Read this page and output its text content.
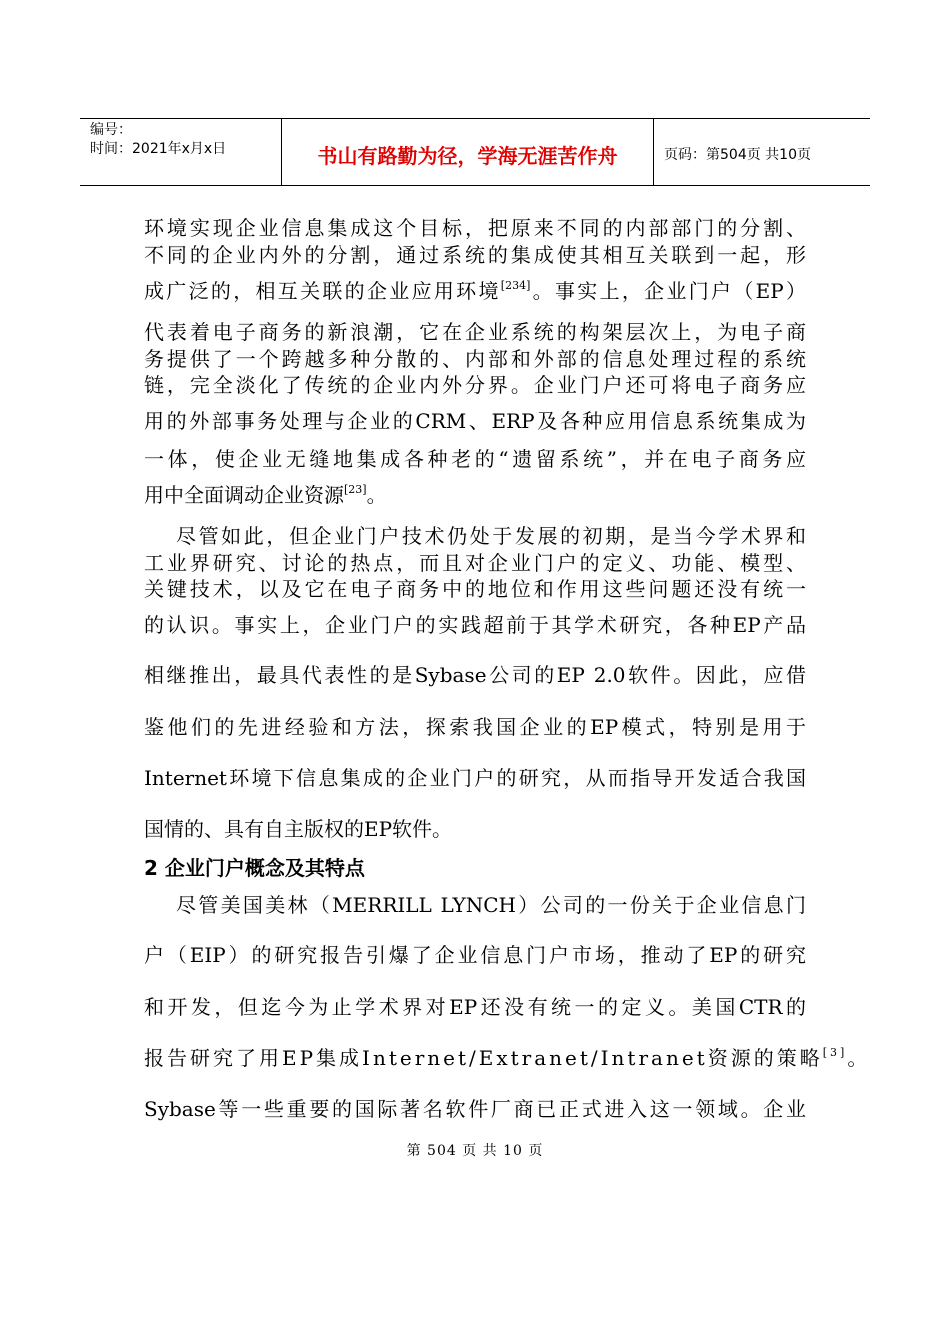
编号：
时间：2021年x月x日	书山有路勤为径，学海无涯苦作舟	页码：第504页 共10页
环境实现企业信息集成这个目标，把原来不同的内部部门的分割、
不同的企业内外的分割，通过系统的集成使其相互关联到一起，形
成广泛的，相互关联的企业应用环境[234]。事实上，企业门户（EP）
代表着电子商务的新浪潮，它在企业系统的构架层次上，为电子商
务提供了一个跨越多种分散的、内部和外部的信息处理过程的系统
链，完全淡化了传统的企业内外分界。企业门户还可将电子商务应
用的外部事务处理与企业的CRM、ERP及各种应用信息系统集成为
一体，使企业无缝地集成各种老的“遗留系统”，并在电子商务应
用中全面调动企业资源[23]。
尽管如此，但企业门户技术仍处于发展的初期，是当今学术界和
工业界研究、讨论的热点，而且对企业门户的定义、功能、模型、
关键技术，以及它在电子商务中的地位和作用这些问题还没有统一
的认识。事实上，企业门户的实践超前于其学术研究，各种EP产品
相继推出，最具代表性的是Sybase公司的EP 2.0软件。因此，应借
鉴他们的先进经验和方法，探索我国企业的EP模式，特别是用于
Internet环境下信息集成的企业门户的研究，从而指导开发适合我国
国情的、具有自主版权的EP软件。
2 企业门户概念及其特点
尽管美国美林（MERRILL LYNCH）公司的一份关于企业信息门
户（EIP）的研究报告引爆了企业信息门户市场，推动了EP的研究
和开发，但迄今为止学术界对EP还没有统一的定义。美国CTR的
报告研究了用EP集成Internet/Extranet/Intranet资源的策略[3]。
Sybase等一些重要的国际著名软件厂商已正式进入这一领域。企业
第 504 页 共 10 页
